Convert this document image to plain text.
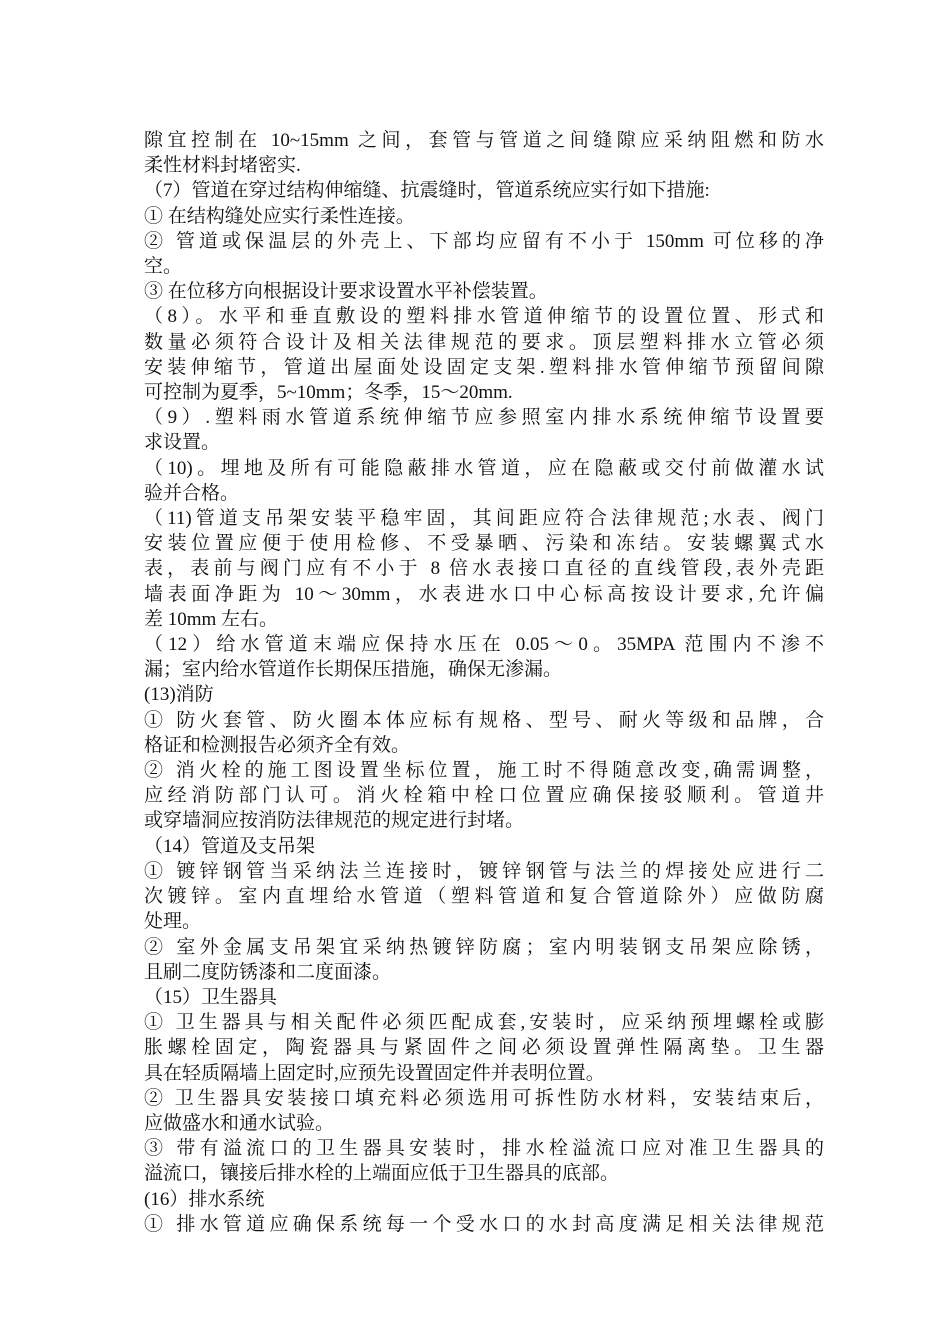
隙宜控制在 10~15mm 之间，套管与管道之间缝隙应采纳阻燃和防水
柔性材料封堵密实.
（7）管道在穿过结构伸缩缝、抗震缝时，管道系统应实行如下措施:
① 在结构缝处应实行柔性连接。
② 管道或保温层的外壳上、下部均应留有不小于 150mm 可位移的净
空。
③ 在位移方向根据设计要求设置水平补偿装置。
（8）。水平和垂直敷设的塑料排水管道伸缩节的设置位置、形式和
数量必须符合设计及相关法律规范的要求。顶层塑料排水立管必须
安装伸缩节，管道出屋面处设固定支架.塑料排水管伸缩节预留间隙
可控制为夏季，5~10mm；冬季，15～20mm.
（9）.塑料雨水管道系统伸缩节应参照室内排水系统伸缩节设置要
求设置。
（10)。埋地及所有可能隐蔽排水管道，应在隐蔽或交付前做灌水试
验并合格。
（11)管道支吊架安装平稳牢固，其间距应符合法律规范;水表、阀门
安装位置应便于使用检修、不受暴晒、污染和冻结。安装螺翼式水
表，表前与阀门应有不小于 8 倍水表接口直径的直线管段,表外壳距
墙表面净距为 10～30mm，水表进水口中心标高按设计要求,允许偏
差 10mm 左右。
（12）给水管道末端应保持水压在 0.05～0。35MPA 范围内不渗不
漏；室内给水管道作长期保压措施，确保无渗漏。
(13)消防
① 防火套管、防火圈本体应标有规格、型号、耐火等级和品牌，合
格证和检测报告必须齐全有效。
② 消火栓的施工图设置坐标位置，施工时不得随意改变,确需调整，
应经消防部门认可。消火栓箱中栓口位置应确保接驳顺利。管道井
或穿墙洞应按消防法律规范的规定进行封堵。
（14）管道及支吊架
① 镀锌钢管当采纳法兰连接时，镀锌钢管与法兰的焊接处应进行二
次镀锌。室内直埋给水管道（塑料管道和复合管道除外）应做防腐
处理。
② 室外金属支吊架宜采纳热镀锌防腐；室内明装钢支吊架应除锈，
且刷二度防锈漆和二度面漆。
（15）卫生器具
① 卫生器具与相关配件必须匹配成套,安装时，应采纳预埋螺栓或膨
胀螺栓固定，陶瓷器具与紧固件之间必须设置弹性隔离垫。卫生器
具在轻质隔墙上固定时,应预先设置固定件并表明位置。
② 卫生器具安装接口填充料必须选用可拆性防水材料，安装结束后，
应做盛水和通水试验。
③ 带有溢流口的卫生器具安装时，排水栓溢流口应对准卫生器具的
溢流口，镶接后排水栓的上端面应低于卫生器具的底部。
(16）排水系统
① 排水管道应确保系统每一个受水口的水封高度满足相关法律规范
